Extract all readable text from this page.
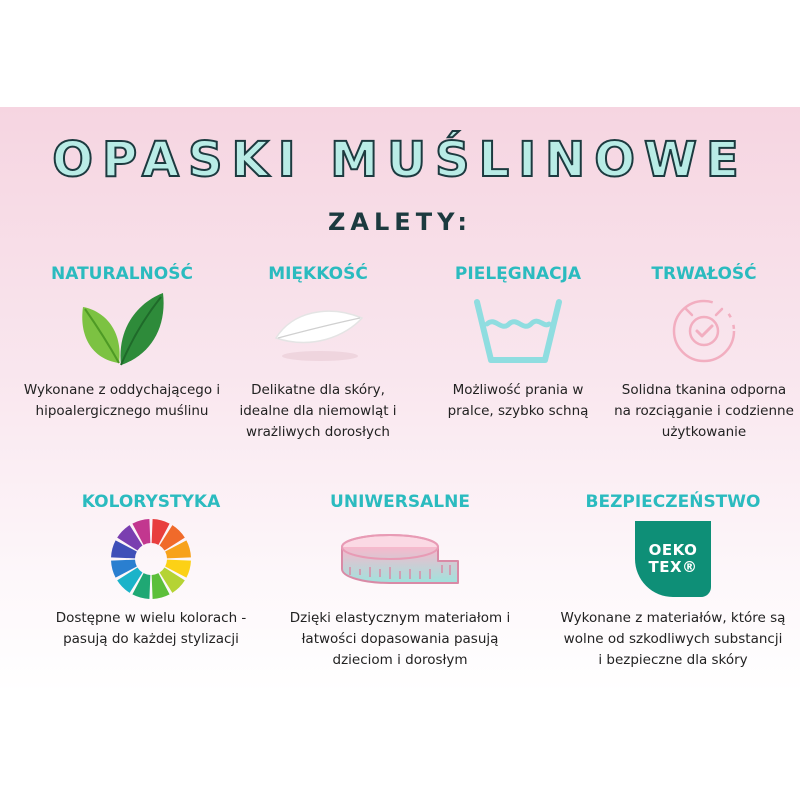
OPASKI MUŚLINOWE
ZALETY:
NATURALNOŚĆ
Wykonane z oddychającego i hipoalergicznego muślinu
MIĘKKOŚĆ
Delikatne dla skóry, idealne dla niemowląt i wrażliwych dorosłych
PIELĘGNACJA
Możliwość prania w pralce, szybko schną
TRWAŁOŚĆ
Solidna tkanina odporna na rozciąganie i codzienne użytkowanie
KOLORYSTYKA
Dostępne w wielu kolorach - pasują do każdej stylizacji
UNIWERSALNE
Dzięki elastycznym materiałom i łatwości dopasowania pasują dzieciom i dorosłym
BEZPIECZEŃSTWO
OEKO
TEX®
Wykonane z materiałów, które są wolne od szkodliwych substancji i bezpieczne dla skóry
